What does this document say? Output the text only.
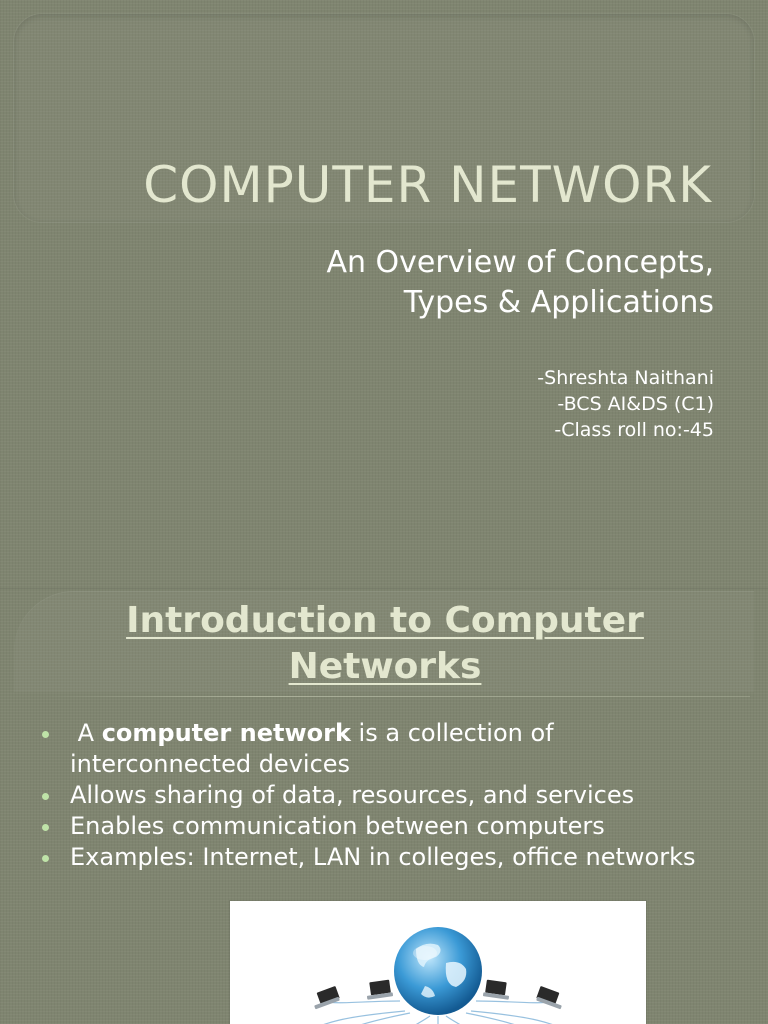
COMPUTER NETWORK
An Overview of Concepts,
Types & Applications
-Shreshta Naithani
-BCS AI&DS (C1)
-Class roll no:-45
Introduction to Computer
Networks
A computer network is a collection of interconnected devices
Allows sharing of data, resources, and services
Enables communication between computers
Examples: Internet, LAN in colleges, office networks
